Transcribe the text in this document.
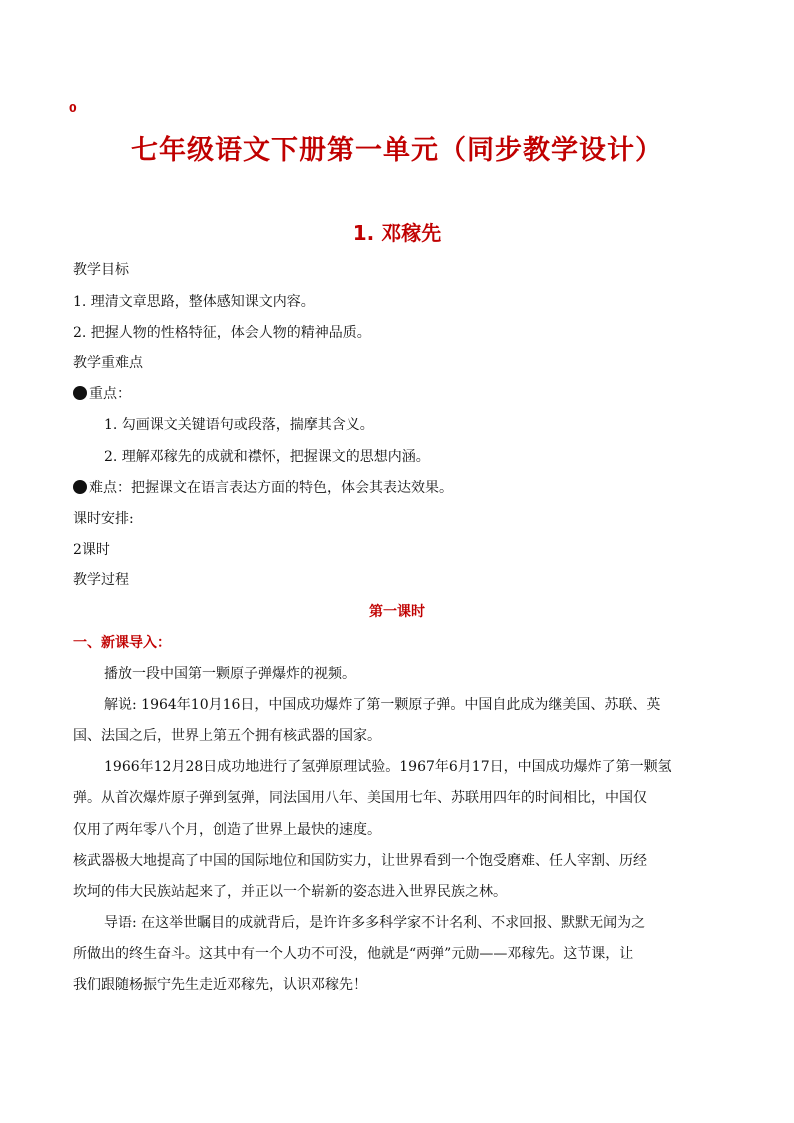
0
七年级语文下册第一单元（同步教学设计）
1. 邓稼先
教学目标
1. 理清文章思路，整体感知课文内容。
2. 把握人物的性格特征，体会人物的精神品质。
教学重难点
重点：
1. 勾画课文关键语句或段落，揣摩其含义。
2. 理解邓稼先的成就和襟怀，把握课文的思想内涵。
难点：把握课文在语言表达方面的特色，体会其表达效果。
课时安排:
2课时
教学过程
第一课时
一、新课导入：
播放一段中国第一颗原子弹爆炸的视频。
解说: 1964年10月16日，中国成功爆炸了第一颗原子弹。中国自此成为继美国、苏联、英
国、法国之后，世界上第五个拥有核武器的国家。
1966年12月28日成功地进行了氢弹原理试验。1967年6月17日，中国成功爆炸了第一颗氢
弹。从首次爆炸原子弹到氢弹，同法国用八年、美国用七年、苏联用四年的时间相比，中国仅
仅用了两年零八个月，创造了世界上最快的速度。
核武器极大地提高了中国的国际地位和国防实力，让世界看到一个饱受磨难、任人宰割、历经
坎坷的伟大民族站起来了，并正以一个崭新的姿态进入世界民族之林。
导语: 在这举世瞩目的成就背后，是许许多多科学家不计名利、不求回报、默默无闻为之
所做出的终生奋斗。这其中有一个人功不可没，他就是“两弹”元勋——邓稼先。这节课，让
我们跟随杨振宁先生走近邓稼先，认识邓稼先！
